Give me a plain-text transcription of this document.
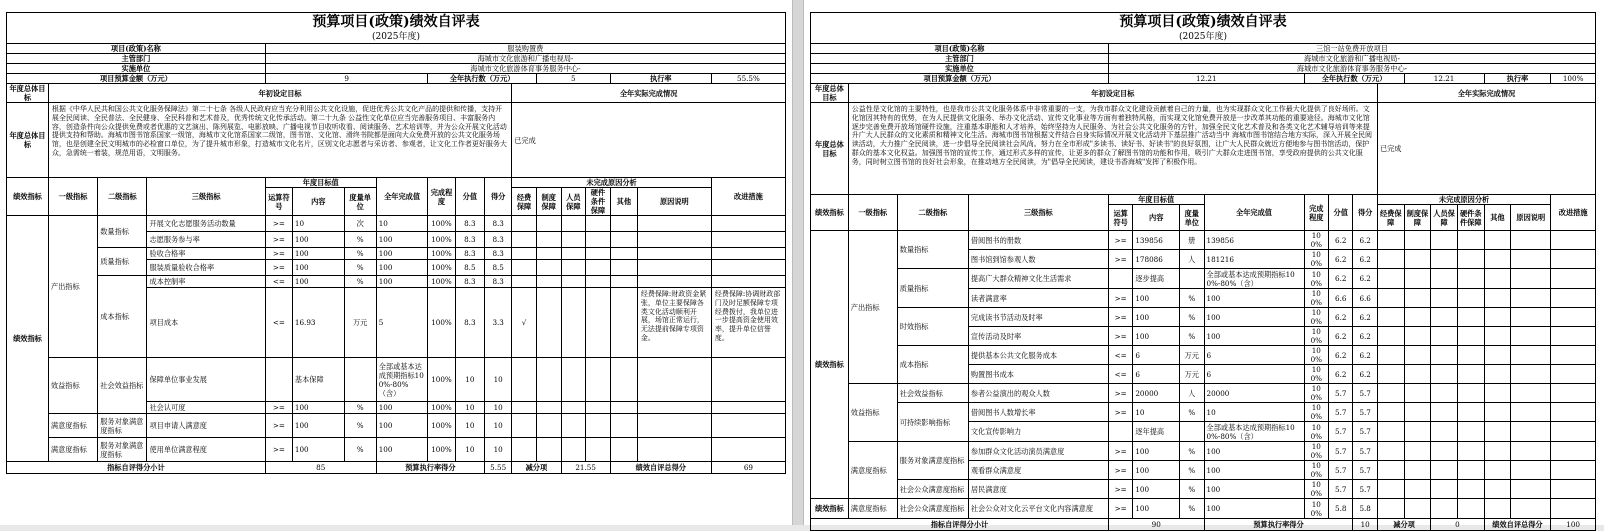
预算项目(政策)绩效自评表
(2025年度)
项目(政策)名称				服装购置费													
主管部门				海城市文化旅游和广播电视局-													
实施单位				海城市文化旅游体育事务服务中心-													
项目预算金额（万元）				9				全年执行数（万元）				5			执行率		55.5%
年度总体目标	年初设定目标										全年实际完成情况						
年度总体目标	根据《中华人民共和国公共文化服务保障法》第二十七条 各级人民政府应当充分利用公共文化设施，促进优秀公共文化产品的提供和传播，支持开展全民阅读、全民普法、全民健身、全民科普和艺术普及，优秀传统文化传承活动。第二十九条 公益性文化单位应当完善服务项目、丰富服务内容，创造条件向公众提供免费或者优惠的文艺演出、陈列展览、电影放映、广播电视节目收听收看、阅读服务、艺术培训等，并为公众开展文化活动提供支持和帮助。海城市图书馆系国家一级馆，海城市文化馆系国家二级馆，图书馆、文化馆、滑终书院都是面向大众免费开放的公共文化服务场馆，也是创建全民文明城市的必检窗口单位，为了提升城市形象，打造城市文化名片，区别文化志愿者与采访者、参观者，让文化工作者更好服务大众，急需统一着装，规范用语，文明服务。										已完成						
绩效指标	一级指标	二级指标	三级指标	年度目标值			全年完成值	完成程度	分值	得分	未完成原因分析						改进措施
				运算符号	内容	度量单位					经费保障	制度保障	人员保障	硬件条件保障	其他	原因说明	
绩效指标	产出指标	数量指标	开展文化志愿服务活动数量	>=	10	次	10	100%	8.3	8.3							
			志愿服务参与率	>=	100	%	100	100%	8.3	8.3							
		质量指标	验收合格率	>=	100	%	100	100%	8.3	8.3							
			服装质量验收合格率	>=	100	%	100	100%	8.5	8.5							
		成本指标	成本控制率	<=	100	%	100	100%	8.3	8.3							
			项目成本	<=	16.93	万元	5	100%	8.3	3.3	√					经费保障:财政资金紧张，单位主要保障各类文化活动顺利开展，场馆正常运行，无法提前保障专项资金。	经费保障:协调财政部门及时足额保障专项经费拨付，我单位进一步提高资金使用效率，提升单位信誉度。
	效益指标	社会效益指标	保障单位事业发展		基本保障		全部或基本达成预期指标100%-80%（含）	100%	10	10							
			社会认可度	>=	100	%	100	100%	10	10							
	满意度指标	服务对象满意度指标	项目申请人满意度	>=	100	%	100	100%	10	10							
	满意度指标	服务对象满意度指标	使用单位满意程度	>=	100	%	100	100%	10	10							
指标自评得分小计				85			预算执行率得分			5.55	减分项		21.55		绩效自评总得分		69
预算项目(政策)绩效自评表
(2025年度)
项目(政策)名称				三馆一站免费开放项目													
主管部门				海城市文化旅游和广播电视局-													
实施单位				海城市文化旅游体育事务服务中心-													
项目预算金额（万元）				12.21				全年执行数（万元）				12.21			执行率		100%
年度总体目标	年初设定目标										全年实际完成情况						
年度总体目标	公益性是文化馆的主要特性，也是我市公共文化服务体系中非常重要的一支，为我市群众文化建设贡献着自己的力量，也为实现群众文化工作最大化提供了良好场所。文化馆因其特有的优势，在为人民提供文化服务、举办文化活动、宣传文化事业等方面有着独特风格，而实现文化馆免费开放是一步改革其功能的重要途径。海城市文化馆逐步完善免费开放场馆硬件设施，注重基本职能和人才培养，始终坚持为人民服务、为社会公共文化服务的方针，加强全民文化艺术普及和各类文化艺术辅导培训等来提升广大人民群众的文化素质和精神文化生活。海城市图书馆根据文件结合自身实际情况开展文化活动并下基层推广活动当中 海城市图书馆结合地方实际，深入开展全民阅读活动，大力推广全民阅读，进一步倡导全民阅读社会风尚。努力在全市形成"多读书、读好书、好读书"的良好氛围，让广大人民群众就近方便地参与图书馆活动，保护群众的基本文化权益。加强图书馆的宣传工作，通过形式多样的宣传，让更多的群众了解图书馆的功能和作用，吸引广大群众走进图书馆，享受政府提供的公共文化服务，同时树立图书馆的良好社会形象，在推动地方全民阅读，为"倡导全民阅读，建设书香海城"发挥了积极作用。										已完成						
绩效指标	一级指标	二级指标	三级指标	年度目标值			全年完成值	完成程度	分值	得分	未完成原因分析						改进措施
				运算符号	内容	度量单位					经费保障	制度保障	人员保障	硬件条件保障	其他	原因说明	
绩效指标	产出指标	数量指标	借阅图书的册数	>=	139856	册	139856	100%	6.2	6.2							
			图书馆到馆参观人数	>=	178086	人	181216	100%	6.2	6.2							
		质量指标	提高广大群众精神文化生活需求		逐步提高		全部或基本达成预期指标100%-80%（含）	100%	6.2	6.2							
			读者满意率	>=	100	%	100	100%	6.6	6.6							
		时效指标	完成读书节活动及时率	>=	100	%	100	100%	6.2	6.2							
			宣传活动及时率	>=	100	%	100	100%	6.2	6.2							
		成本指标	提供基本公共文化服务成本	<=	6	万元	6	100%	6.2	6.2							
			购置图书成本	<=	6	万元	6	100%	6.2	6.2							
	效益指标	社会效益指标	参者公益演出的观众人数	>=	20000	人	20000	100%	5.7	5.7							
		可持续影响指标	借阅图书人数增长率	>=	10	%	10	100%	5.7	5.7							
			文化宣传影响力		逐年提高		全部或基本达成预期指标100%-80%（含）	100%	5.7	5.7							
	满意度指标	服务对象满意度指标	参加群众文化活动演员满意度	>=	100	%	100	100%	5.7	5.7							
			观看群众满意度	>=	100	%	100	100%	5.7	5.7							
		社会公众满意度指标	居民满意度	>=	100	%	100	100%	5.7	5.7							
绩效指标	满意度指标	社会公众满意度指标	社会公众对文化云平台文化内容满意度	>=	100	%	100	100%	5.8	5.8							
指标自评得分小计				90			预算执行率得分			10	减分项		0		绩效自评总得分		100
